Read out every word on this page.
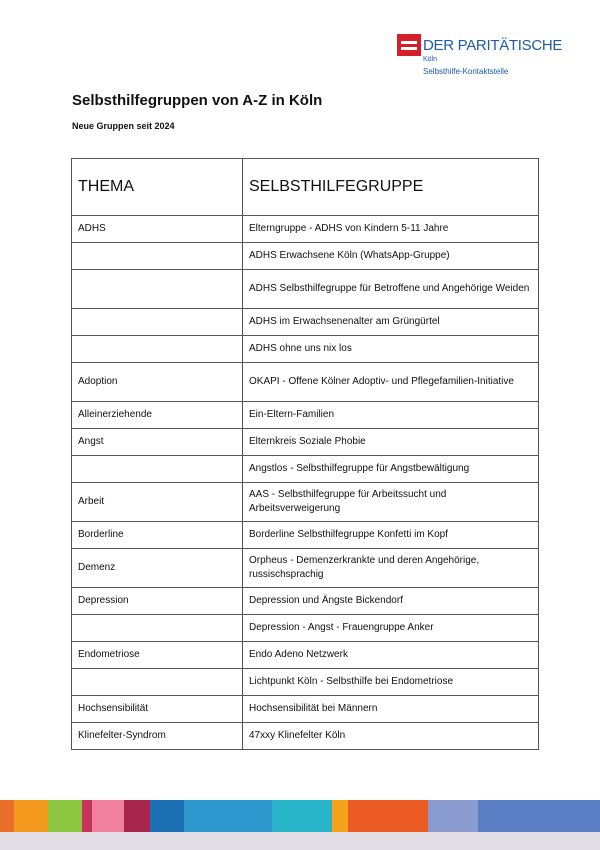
DER PARITÄTISCHE
Köln
Selbsthilfe-Kontaktstelle
Selbsthilfegruppen von A-Z in Köln
Neue Gruppen seit 2024
THEMA	SELBSTHILFEGRUPPE
ADHS	Elterngruppe - ADHS von Kindern 5-11 Jahre
	ADHS Erwachsene Köln (WhatsApp-Gruppe)
	ADHS Selbsthilfegruppe für Betroffene und Angehörige Weiden
	ADHS im Erwachsenenalter am Grüngürtel
	ADHS ohne uns nix los
Adoption	OKAPI - Offene Kölner Adoptiv- und Pflegefamilien-Initiative
Alleinerziehende	Ein-Eltern-Familien
Angst	Elternkreis Soziale Phobie
	Angstlos - Selbsthilfegruppe für Angstbewältigung
Arbeit	AAS - Selbsthilfegruppe für Arbeitssucht und Arbeitsverweigerung
Borderline	Borderline Selbsthilfegruppe Konfetti im Kopf
Demenz	Orpheus - Demenzerkrankte und deren Angehörige, russischsprachig
Depression	Depression und Ängste Bickendorf
	Depression - Angst - Frauengruppe Anker
Endometriose	Endo Adeno Netzwerk
	Lichtpunkt Köln - Selbsthilfe bei Endometriose
Hochsensibilität	Hochsensibilität bei Männern
Klinefelter-Syndrom	47xxy Klinefelter Köln
